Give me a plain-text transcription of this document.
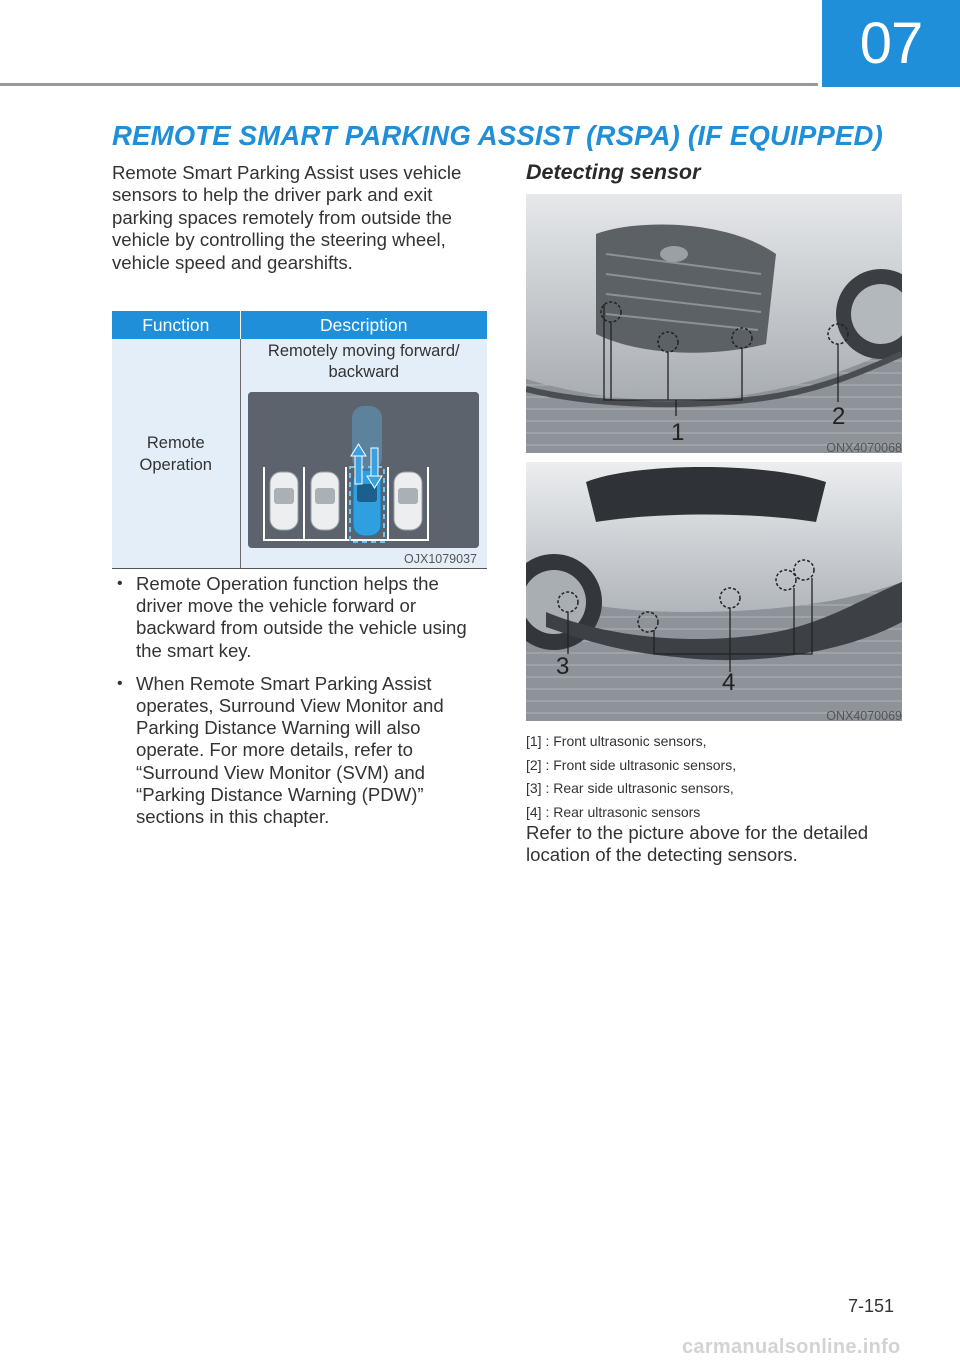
07
REMOTE SMART PARKING ASSIST (RSPA) (IF EQUIPPED)

Remote Smart Parking Assist uses vehicle sensors to help the driver park and exit parking spaces remotely from outside the vehicle by controlling the steering wheel, vehicle speed and gearshifts.

Function	Description

Remote Operation	Remotely moving forward/ backward
OJX1079037
• Remote Operation function helps the driver move the vehicle forward or backward from outside the vehicle using the smart key.
• When Remote Smart Parking Assist operates, Surround View Monitor and Parking Distance Warning will also operate. For more details, refer to “Surround View Monitor (SVM) and “Parking Distance Warning (PDW)” sections in this chapter.
Detecting sensor
1
2
ONX4070068
3
4
ONX4070069
[1] : Front ultrasonic sensors,
[2] : Front side ultrasonic sensors,
[3] : Rear side ultrasonic sensors,
[4] : Rear ultrasonic sensors

Refer to the picture above for the detailed location of the detecting sensors.

7-151
carmanualsonline.info
